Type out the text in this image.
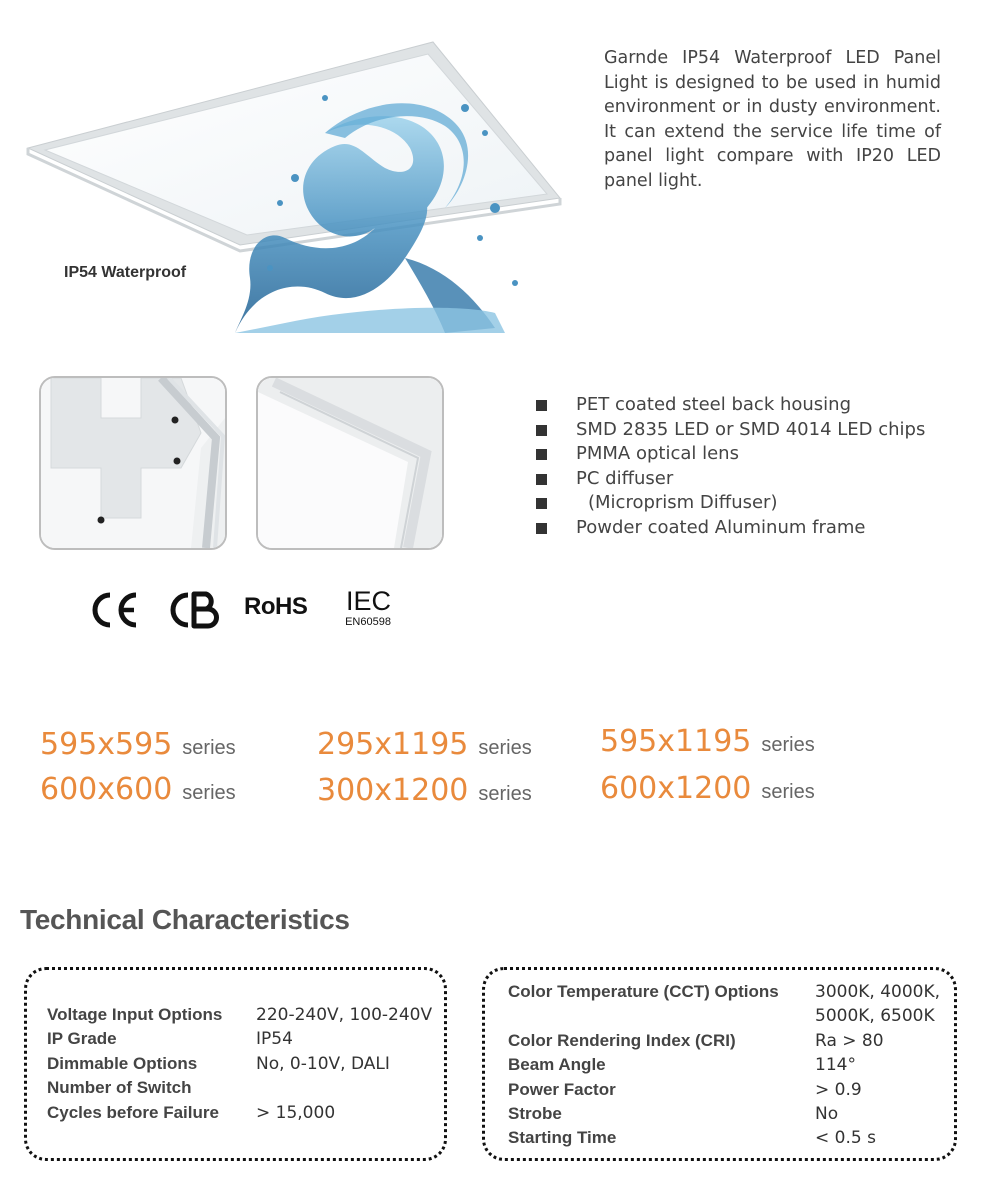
IP54 Waterproof
Garnde IP54 Waterproof LED Panel Light is designed to be used in humid environment or in dusty environment. It can extend the service life time of panel light compare with IP20 LED panel light.
PET coated steel back housing
SMD 2835 LED or SMD 4014 LED chips
PMMA optical lens
PC diffuser
(Microprism Diffuser)
Powder coated Aluminum frame
RoHS IEC
EN60598
595x595 series
600x600 series
295x1195 series
300x1200 series
595x1195 series
600x1200 series
Technical Characteristics
Voltage Input Options 220-240V, 100-240V
IP Grade	IP54
Dimmable Options	No, 0-10V, DALI
Number of Switch
Cycles before Failure > 15,000
Color Temperature (CCT) Options 3000K, 4000K,
5000K, 6500K
Color Rendering Index (CRI)	Ra > 80
Beam Angle	114°
Power Factor	> 0.9
Strobe	No
Starting Time	< 0.5 s
